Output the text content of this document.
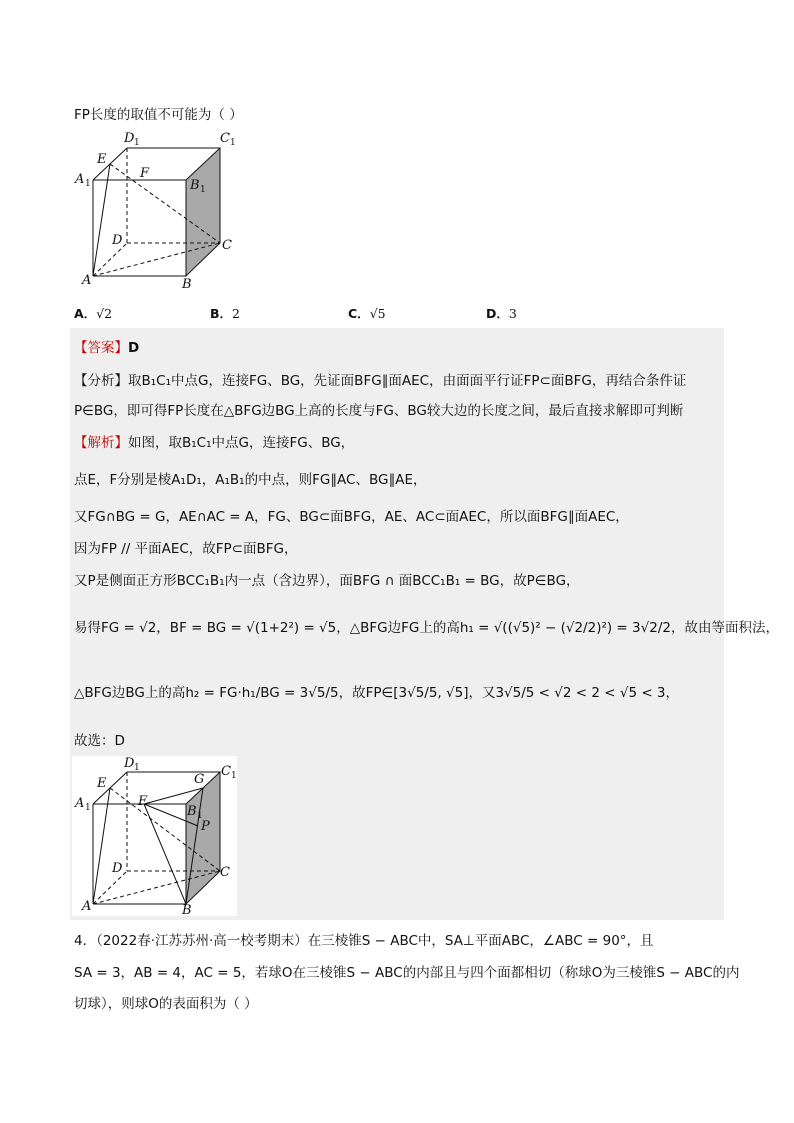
FP长度的取值不可能为（ ）
D 1	C 1
E
F
A 1	B 1
D	C
A	B
A．√2	B．2	C．√5	D．3
【答案】D
【分析】取B₁C₁中点G，连接FG、BG，先证面BFG∥面AEC，由面面平行证FP⊂面BFG，再结合条件证
P∈BG，即可得FP长度在△BFG边BG上高的长度与FG、BG较大边的长度之间，最后直接求解即可判断
【解析】如图，取B₁C₁中点G，连接FG、BG，
点E，F分别是棱A₁D₁，A₁B₁的中点，则FG∥AC、BG∥AE，
又FG∩BG = G，AE∩AC = A，FG、BG⊂面BFG，AE、AC⊂面AEC，所以面BFG∥面AEC，
因为FP // 平面AEC，故FP⊂面BFG，
又P是侧面正方形BCC₁B₁内一点（含边界），面BFG ∩ 面BCC₁B₁ = BG，故P∈BG，
易得FG = √2，BF = BG = √(1+2²) = √5，△BFG边FG上的高h₁ = √((√5)² − (√2/2)²) = 3√2/2，故由等面积法，
△BFG边BG上的高h₂ = FG·h₁/BG = 3√5/5，故FP∈[3√5/5, √5]，又3√5/5 < √2 < 2 < √5 < 3，
故选：D
D 1
G
C 1
E
F
A 1	B 1
P
D	C
A	B
4．（2022春·江苏苏州·高一校考期末）在三棱锥S − ABC中，SA⊥平面ABC，∠ABC = 90°，且
SA = 3，AB = 4，AC = 5，若球O在三棱锥S − ABC的内部且与四个面都相切（称球O为三棱锥S − ABC的内
切球），则球O的表面积为（ ）
